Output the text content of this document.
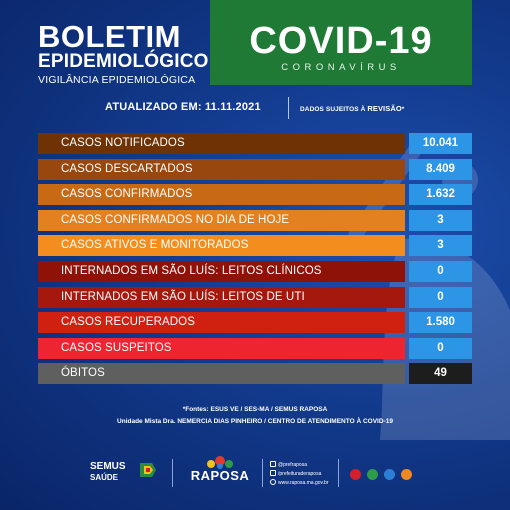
BOLETIM
EPIDEMIOLÓGICO
VIGILÂNCIA EPIDEMIOLÓGICA
COVID-19
CORONAVÍRUS
ATUALIZADO EM: 11.11.2021	DADOS SUJEITOS À REVISÃO*
CASOS NOTIFICADOS	10.041
CASOS DESCARTADOS	8.409
CASOS CONFIRMADOS	1.632
CASOS CONFIRMADOS NO DIA DE HOJE	3
CASOS ATIVOS E MONITORADOS	3
INTERNADOS EM SÃO LUÍS: LEITOS CLÍNICOS	0
INTERNADOS EM SÃO LUÍS: LEITOS DE UTI	0
CASOS RECUPERADOS	1.580
CASOS SUSPEITOS	0
ÓBITOS	49
*Fontes: ESUS VE / SES-MA / SEMUS RAPOSA
Unidade Mista Dra. NEMERCIA DIAS PINHEIRO / CENTRO DE ATENDIMENTO À COVID-19
SEMUS
SAÚDE	RAPOSA
@prefraposa
/prefeituraderaposa
www.raposa.ma.gov.br
